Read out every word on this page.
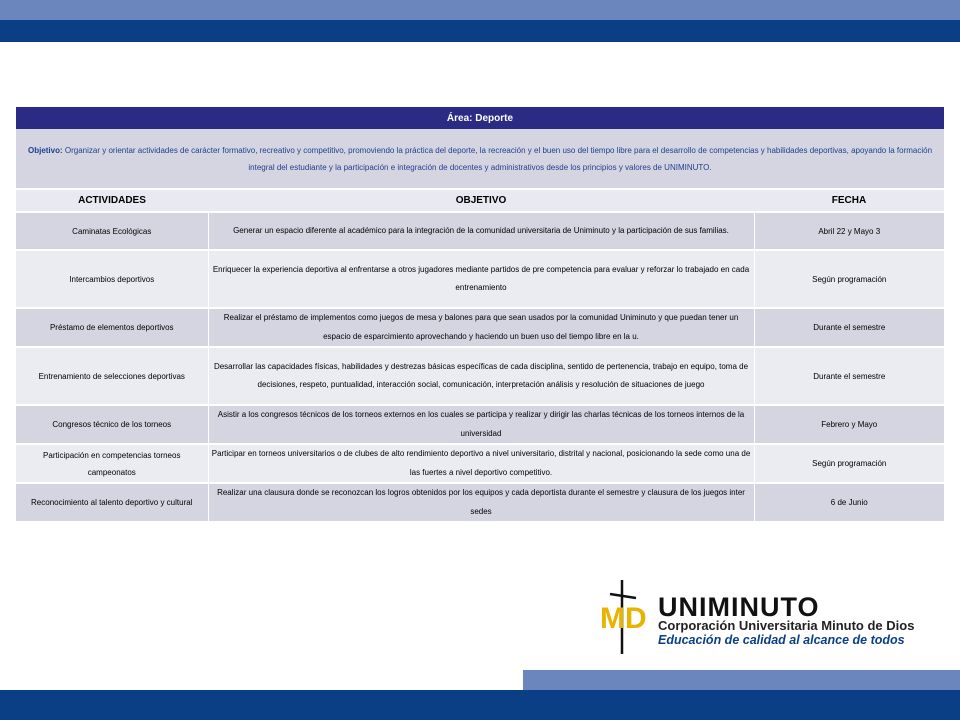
Área: Deporte		
Objetivo: Organizar y orientar actividades de carácter formativo, recreativo y competitivo, promoviendo la práctica del deporte, la recreación y el buen uso del tiempo libre para el desarrollo de competencias y habilidades deportivas, apoyando la formación integral del estudiante y la participación e integración de docentes y administrativos desde los principios y valores de UNIMINUTO.		
ACTIVIDADES	OBJETIVO	FECHA
Caminatas Ecológicas	Generar un espacio diferente al académico para la integración de la comunidad universitaria de Uniminuto y la participación de sus familias.	Abril 22 y Mayo 3
Intercambios deportivos	Enriquecer la experiencia deportiva al enfrentarse a otros jugadores mediante partidos de pre competencia para evaluar y reforzar lo trabajado en cada entrenamiento	Según programación
Préstamo de elementos deportivos	Realizar el préstamo de implementos como juegos de mesa y balones para que sean usados por la comunidad Uniminuto y que puedan tener un espacio de esparcimiento aprovechando y haciendo un buen uso del tiempo libre en la u.	Durante el semestre
Entrenamiento de selecciones deportivas	Desarrollar las capacidades físicas, habilidades y destrezas básicas específicas de cada disciplina, sentido de pertenencia, trabajo en equipo, toma de decisiones, respeto, puntualidad, interacción social, comunicación, interpretación análisis y resolución de situaciones de juego	Durante el semestre
Congresos técnico de los torneos	Asistir a los congresos técnicos de los torneos externos en los cuales se participa y realizar y dirigir las charlas técnicas de los torneos internos de la universidad	Febrero y Mayo
Participación en competencias torneos campeonatos	Participar en torneos universitarios o de clubes de alto rendimiento deportivo a nivel universitario, distrital y nacional, posicionando la sede como una de las fuertes a nivel deportivo competitivo.	Según programación
Reconocimiento al talento deportivo y cultural	Realizar una clausura donde se reconozcan los logros obtenidos por los equipos y cada deportista durante el semestre y clausura de los juegos inter sedes	6 de Junio
MD UNIMINUTO
Corporación Universitaria Minuto de Dios
Educación de calidad al alcance de todos
